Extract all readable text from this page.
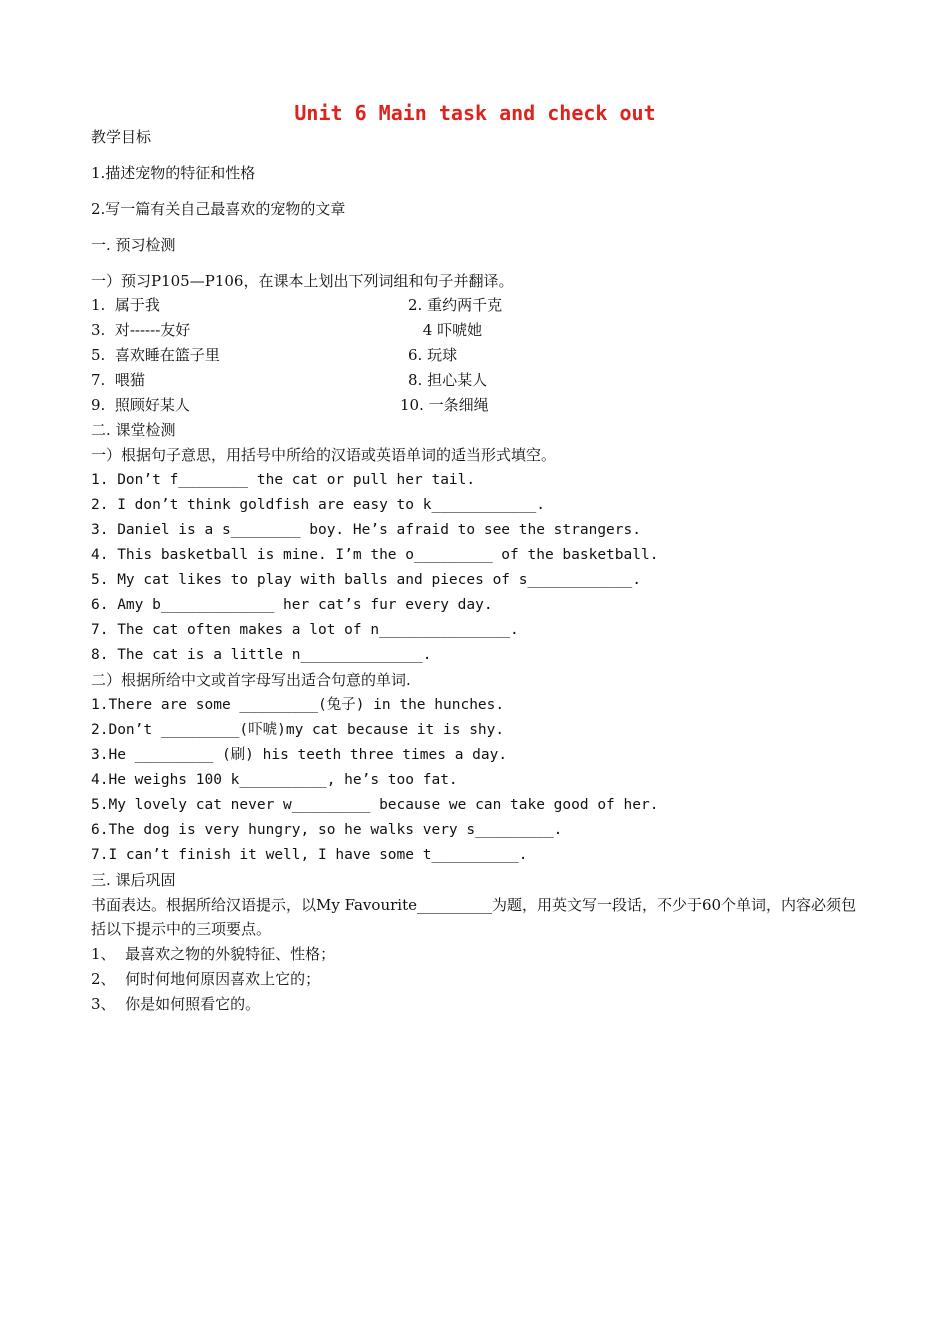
Unit 6 Main task and check out

教学目标

1.描述宠物的特征和性格

2.写一篇有关自己最喜欢的宠物的文章

一. 预习检测

一）预习P105—P106，在课本上划出下列词组和句子并翻译。

1.  属于我	2. 重约两千克

3.  对------友好	4 吓唬她

5.  喜欢睡在篮子里	6. 玩球

7.  喂猫	8. 担心某人

9.  照顾好某人	10. 一条细绳

二. 课堂检测

一）根据句子意思，用括号中所给的汉语或英语单词的适当形式填空。

1. Don’t f________ the cat or pull her tail.

2. I don’t think goldfish are easy to k____________.

3. Daniel is a s________ boy. He’s afraid to see the strangers.

4. This basketball is mine. I’m the o_________ of the basketball.

5. My cat likes to play with balls and pieces of s____________.

6. Amy b_____________ her cat’s fur every day.

7. The cat often makes a lot of n_______________.

8. The cat is a little n______________.

二）根据所给中文或首字母写出适合句意的单词.

1.There are some _________(兔子) in the hunches.

2.Don’t _________(吓唬)my cat because it is shy.

3.He _________ (刷) his teeth three times a day.

4.He weighs 100 k__________, he’s too fat.

5.My lovely cat never w_________ because we can take good of her.

6.The dog is very hungry, so he walks very s_________.

7.I can’t finish it well, I have some t__________.

三. 课后巩固

书面表达。根据所给汉语提示，以My Favourite__________为题，用英文写一段话，不少于60个单词，内容必须包括以下提示中的三项要点。

1、  最喜欢之物的外貌特征、性格；

2、  何时何地何原因喜欢上它的；

3、  你是如何照看它的。
